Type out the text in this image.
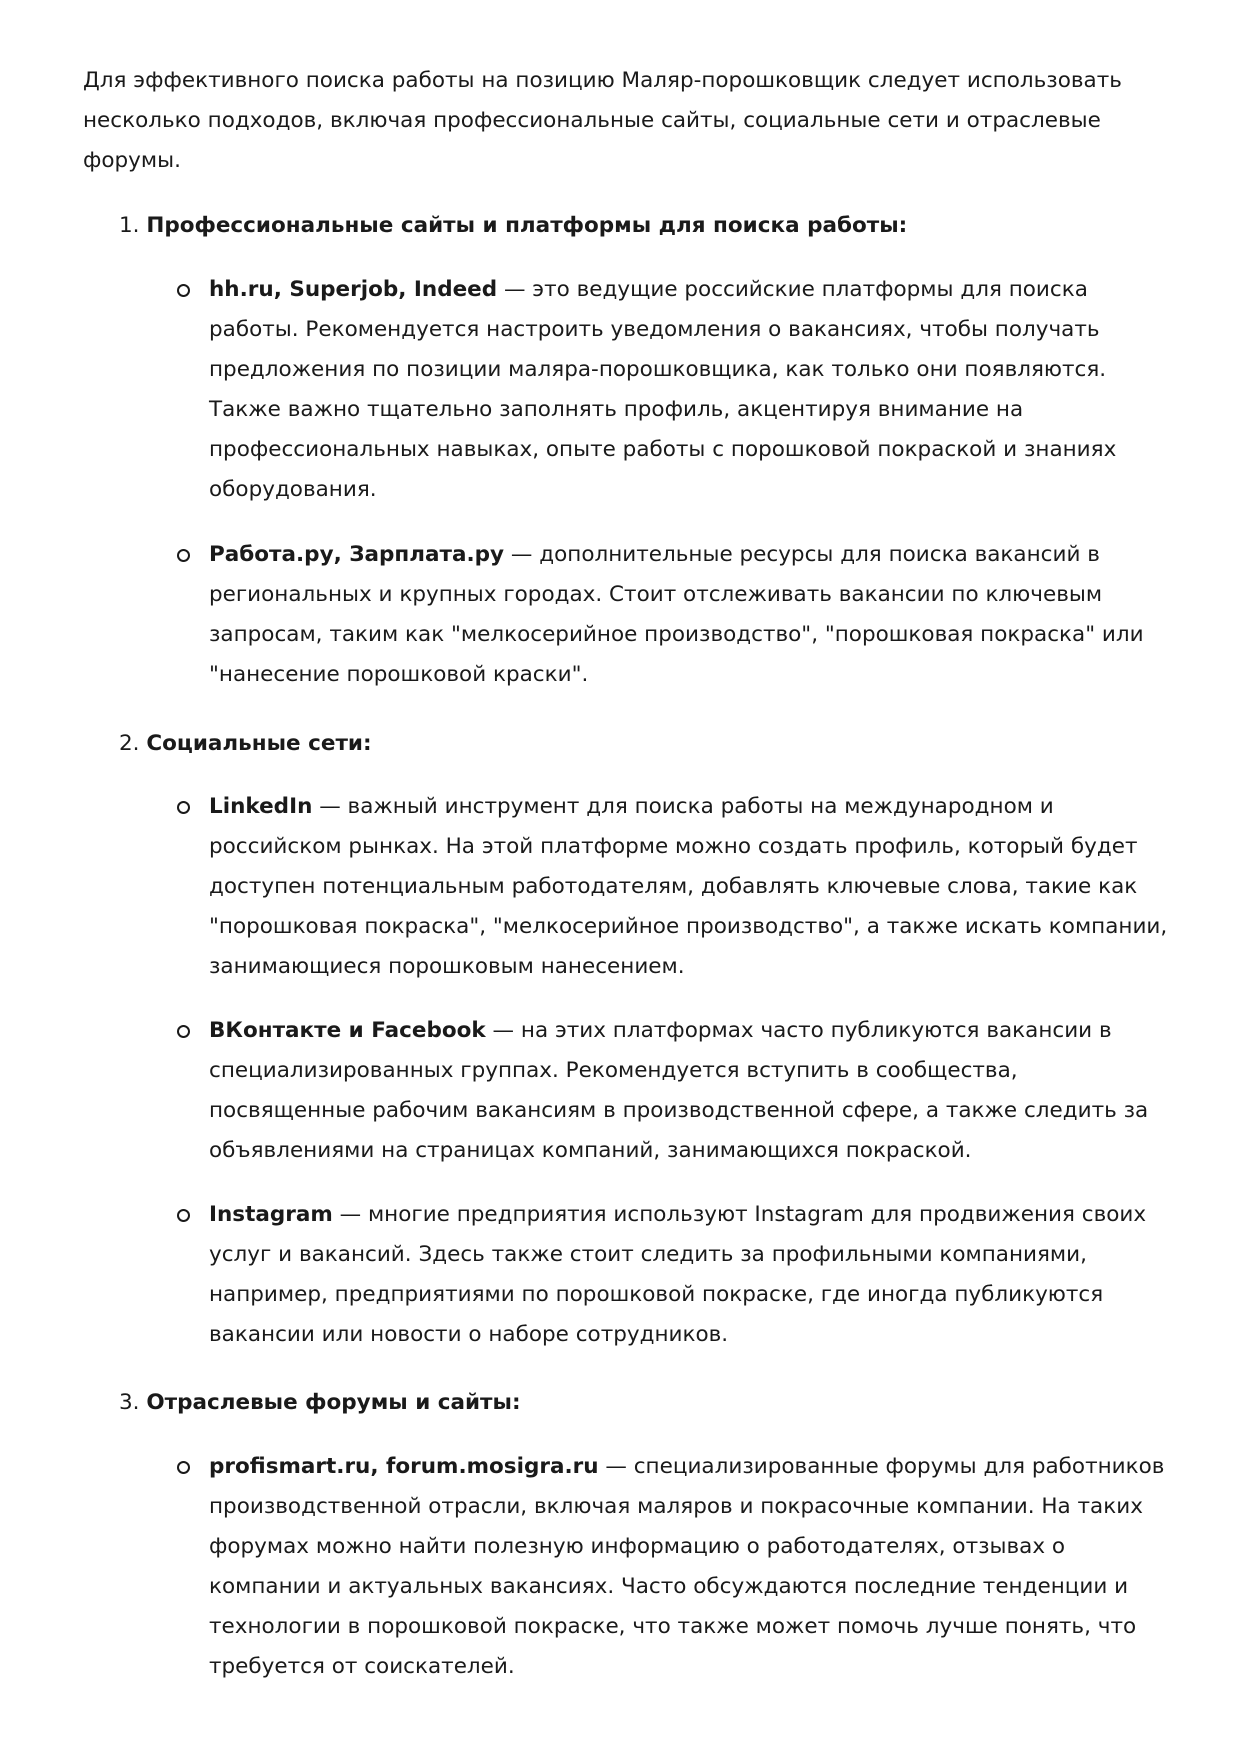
Для эффективного поиска работы на позицию Маляр-порошковщик следует использовать несколько подходов, включая профессиональные сайты, социальные сети и отраслевые форумы.

1. Профессиональные сайты и платформы для поиска работы:

hh.ru, Superjob, Indeed — это ведущие российские платформы для поиска работы. Рекомендуется настроить уведомления о вакансиях, чтобы получать предложения по позиции маляра-порошковщика, как только они появляются. Также важно тщательно заполнять профиль, акцентируя внимание на профессиональных навыках, опыте работы с порошковой покраской и знаниях оборудования.

Работа.ру, Зарплата.ру — дополнительные ресурсы для поиска вакансий в региональных и крупных городах. Стоит отслеживать вакансии по ключевым запросам, таким как "мелкосерийное производство", "порошковая покраска" или "нанесение порошковой краски".

2. Социальные сети:

LinkedIn — важный инструмент для поиска работы на международном и российском рынках. На этой платформе можно создать профиль, который будет доступен потенциальным работодателям, добавлять ключевые слова, такие как "порошковая покраска", "мелкосерийное производство", а также искать компании, занимающиеся порошковым нанесением.

ВКонтакте и Facebook — на этих платформах часто публикуются вакансии в специализированных группах. Рекомендуется вступить в сообщества, посвященные рабочим вакансиям в производственной сфере, а также следить за объявлениями на страницах компаний, занимающихся покраской.

Instagram — многие предприятия используют Instagram для продвижения своих услуг и вакансий. Здесь также стоит следить за профильными компаниями, например, предприятиями по порошковой покраске, где иногда публикуются вакансии или новости о наборе сотрудников.

3. Отраслевые форумы и сайты:

profismart.ru, forum.mosigra.ru — специализированные форумы для работников производственной отрасли, включая маляров и покрасочные компании. На таких форумах можно найти полезную информацию о работодателях, отзывах о компании и актуальных вакансиях. Часто обсуждаются последние тенденции и технологии в порошковой покраске, что также может помочь лучше понять, что требуется от соискателей.
